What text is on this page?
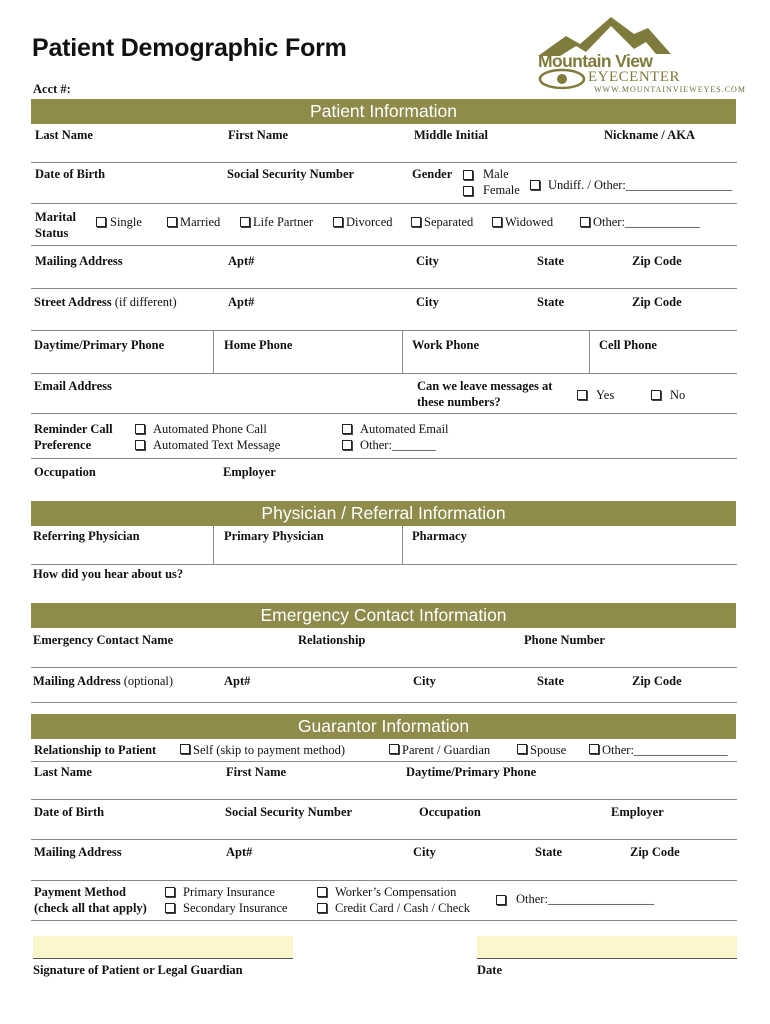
Patient Demographic Form
Acct #:
Mountain View
EYECENTER
WWW.MOUNTAINVIEWEYES.COM
Patient Information
Last Name	First Name	Middle Initial	Nickname / AKA
Date of Birth	Social Security Number	Gender Male
Female Undiff. / Other:_________________
Marital
Status
Single	Married	Life Partner	Divorced	Separated	Widowed	Other:____________
Mailing Address	Apt#	City	State	Zip Code
Street Address (if different)	Apt#	City	State	Zip Code
Daytime/Primary Phone	Home Phone	Work Phone	Cell Phone
Email Address	Can we leave messages at
these numbers?	Yes	No
Reminder Call
Preference
Automated Phone Call
Automated Text Message
Automated Email
Other:_______
Occupation	Employer
Physician / Referral Information
Referring Physician	Primary Physician	Pharmacy
How did you hear about us?
Emergency Contact Information
Emergency Contact Name	Relationship	Phone Number
Mailing Address (optional)	Apt#	City	State	Zip Code
Guarantor Information
Relationship to Patient	Self (skip to payment method)	Parent / Guardian	Spouse	Other:_______________
Last Name	First Name	Daytime/Primary Phone
Date of Birth	Social Security Number	Occupation	Employer
Mailing Address	Apt#	City	State	Zip Code
Payment Method
(check all that apply)
Primary Insurance
Secondary Insurance
Worker’s Compensation
Credit Card / Cash / Check
Other:_________________
Signature of Patient or Legal Guardian	Date
